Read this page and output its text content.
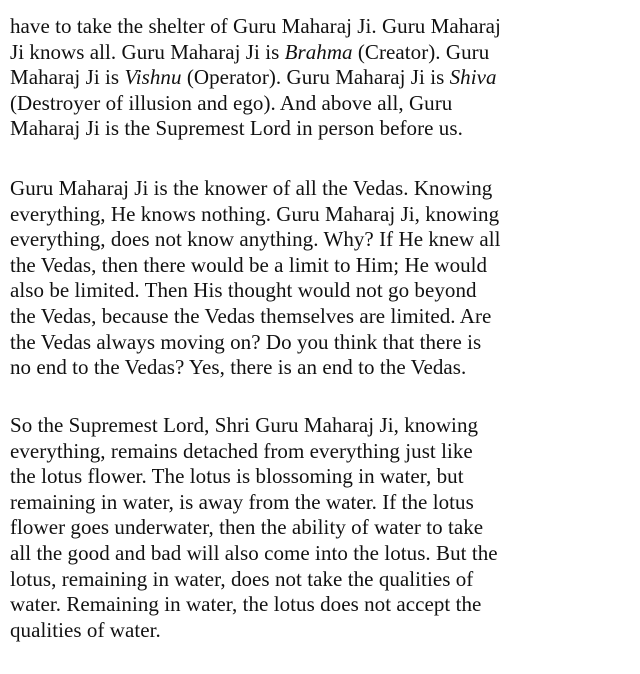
have to take the shelter of Guru Maharaj Ji. Guru Maharaj
Ji knows all. Guru Maharaj Ji is Brahma (Creator). Guru
Maharaj Ji is Vishnu (Operator). Guru Maharaj Ji is Shiva
(Destroyer of illusion and ego). And above all, Guru
Maharaj Ji is the Supremest Lord in person before us.

Guru Maharaj Ji is the knower of all the Vedas. Knowing
everything, He knows nothing. Guru Maharaj Ji, knowing
everything, does not know anything. Why? If He knew all
the Vedas, then there would be a limit to Him; He would
also be limited. Then His thought would not go beyond
the Vedas, because the Vedas themselves are limited. Are
the Vedas always moving on? Do you think that there is
no end to the Vedas? Yes, there is an end to the Vedas.

So the Supremest Lord, Shri Guru Maharaj Ji, knowing
everything, remains detached from everything just like
the lotus flower. The lotus is blossoming in water, but
remaining in water, is away from the water. If the lotus
flower goes underwater, then the ability of water to take
all the good and bad will also come into the lotus. But the
lotus, remaining in water, does not take the qualities of
water. Remaining in water, the lotus does not accept the
qualities of water.
